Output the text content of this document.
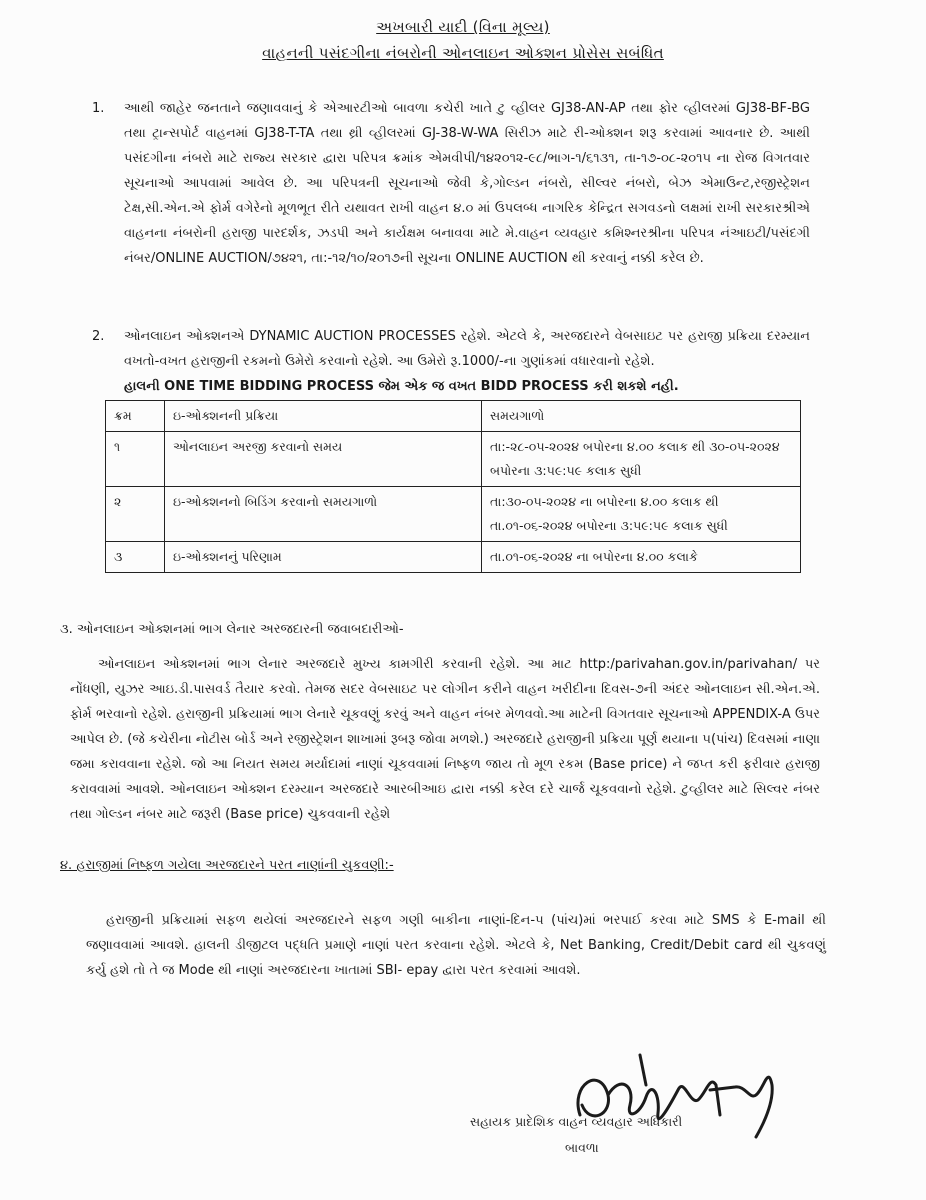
અખબારી યાદી (વિના મૂલ્ય)
વાહનની પસંદગીના નંબરોની ઓનલાઇન ઓક્શન પ્રોસેસ સબંધિત
1. આથી જાહેર જનતાને જણાવવાનું કે એઆરટીઓ બાવળા કચેરી ખાતે ટુ વ્હીલર GJ38-AN-AP તથા ફોર વ્હીલરમાં GJ38-BF-BG તથા ટ્રાન્સપોર્ટ વાહનમાં GJ38-T-TA તથા થ્રી વ્હીલરમાં GJ-38-W-WA સિરીઝ માટે રી-ઓક્શન શરૂ કરવામાં આવનાર છે. આથી પસંદગીના નંબરો માટે રાજ્ય સરકાર દ્વારા પરિપત્ર ક્રમાંક એમવીપી/૧૪૨૦૧૨-૯૮/ભાગ-૧/૬૧૩૧, તા-૧૭-૦૮-૨૦૧૫ ના રોજ વિગતવાર સૂચનાઓ આપવામાં આવેલ છે. આ પરિપત્રની સૂચનાઓ જેવી કે,ગોલ્ડન નંબરો, સીલ્વર નંબરો, બેઝ એમાઉન્ટ,રજીસ્ટ્રેશન ટેક્ષ,સી.એન.એ ફોર્મ વગેરેનો મૂળભૂત રીતે યથાવત રાખી વાહન ૪.૦ માં ઉપલબ્ધ નાગરિક કેન્દ્રિત સગવડનો લક્ષમાં રાખી સરકારશ્રીએ વાહનના નંબરોની હરાજી પારદર્શક, ઝડપી અને કાર્યક્ષમ બનાવવા માટે મે.વાહન વ્યવહાર કમિશ્નરશ્રીના પરિપત્ર નંઆઇટી/પસંદગી નંબર/ONLINE AUCTION/૭૪૨૧, તા:-૧૨/૧૦/૨૦૧૭ની સૂચના ONLINE AUCTION થી કરવાનું નક્કી કરેલ છે.

2. ઓનલાઇન ઓક્શનએ DYNAMIC AUCTION PROCESSES રહેશે. એટલે કે, અરજદારને વેબસાઇટ પર હરાજી પ્રક્રિયા દરમ્યાન વખતો-વખત હરાજીની રકમનો ઉમેરો કરવાનો રહેશે. આ ઉમેરો રૂ.1000/-ના ગુણાંકમાં વધારવાનો રહેશે.

હાલની ONE TIME BIDDING PROCESS જેમ એક જ વખત BIDD PROCESS કરી શકશે નહી.

ક્રમ	ઇ-ઓક્શનની પ્રક્રિયા	સમયગાળો
૧	ઓનલાઇન અરજી કરવાનો સમય	તા:-૨૮-૦૫-૨૦૨૪ બપોરના ૪.૦૦ કલાક થી ૩૦-૦૫-૨૦૨૪ બપોરના ૩:૫૯:૫૯ કલાક સુધી
૨	ઇ-ઓક્શનનો બિડિંગ કરવાનો સમયગાળો	તા:૩૦-૦૫-૨૦૨૪ ના બપોરના ૪.૦૦ કલાક થી તા.૦૧-૦૬-૨૦૨૪ બપોરના ૩:૫૯:૫૯ કલાક સુધી
૩	ઇ-ઓક્શનનું પરિણામ	તા.૦૧-૦૬-૨૦૨૪ ના બપોરના ૪.૦૦ કલાકે

૩. ઓનલાઇન ઓક્શનમાં ભાગ લેનાર અરજદારની જવાબદારીઓ-

ઓનલાઇન ઓક્શનમાં ભાગ લેનાર અરજદારે મુખ્ય કામગીરી કરવાની રહેશે. આ માટ http:/parivahan.gov.in/parivahan/ પર નોંધણી, યુઝર આઇ.ડી.પાસવર્ડ તૈયાર કરવો. તેમજ સદર વેબસાઇટ પર લોગીન કરીને વાહન ખરીદીના દિવસ-૭ની અંદર ઓનલાઇન સી.એન.એ. ફોર્મ ભરવાનો રહેશે. હરાજીની પ્રક્રિયામાં ભાગ લેનારે ચૂકવણું કરવું અને વાહન નંબર મેળવવો.આ માટેની વિગતવાર સૂચનાઓ APPENDIX-A ઉપર આપેલ છે. (જે કચેરીના નોટીસ બોર્ડ અને રજીસ્ટ્રેશન શાખામાં રૂબરૂ જોવા મળશે.) અરજદારે હરાજીની પ્રક્રિયા પૂર્ણ થયાના ૫(પાંચ) દિવસમાં નાણા જમા કરાવવાના રહેશે. જો આ નિયત સમય મર્યાદામાં નાણાં ચૂકવવામાં નિષ્ફળ જાય તો મૂળ રકમ (Base price) ને જપ્ત કરી ફરીવાર હરાજી કરાવવામાં આવશે. ઓનલાઇન ઓક્શન દરમ્યાન અરજદારે આરબીઆઇ દ્વારા નક્કી કરેલ દરે ચાર્જ ચૂકવવાનો રહેશે. ટુવ્હીલર માટે સિલ્વર નંબર તથા ગોલ્ડન નંબર માટે જરૂરી (Base price) ચુકવવાની રહેશે

૪. હરાજીમાં નિષ્ફળ ગયેલા અરજદારને પરત નાણાંની ચુકવણી:-

હરાજીની પ્રક્રિયામાં સફળ થયેલાં અરજદારને સફળ ગણી બાકીના નાણાં-દિન-૫ (પાંચ)માં ભરપાઈ કરવા માટે SMS કે E-mail થી જણાવવામાં આવશે. હાલની ડીજીટલ પદ્ધતિ પ્રમાણે નાણાં પરત કરવાના રહેશે. એટલે કે, Net Banking, Credit/Debit card થી ચુકવણું કર્યુ હશે તો તે જ Mode થી નાણાં અરજદારના ખાતામાં SBI- epay દ્વારા પરત કરવામાં આવશે.

સહાયક પ્રાદેશિક વાહન વ્યવહાર અધિકારી
બાવળા
